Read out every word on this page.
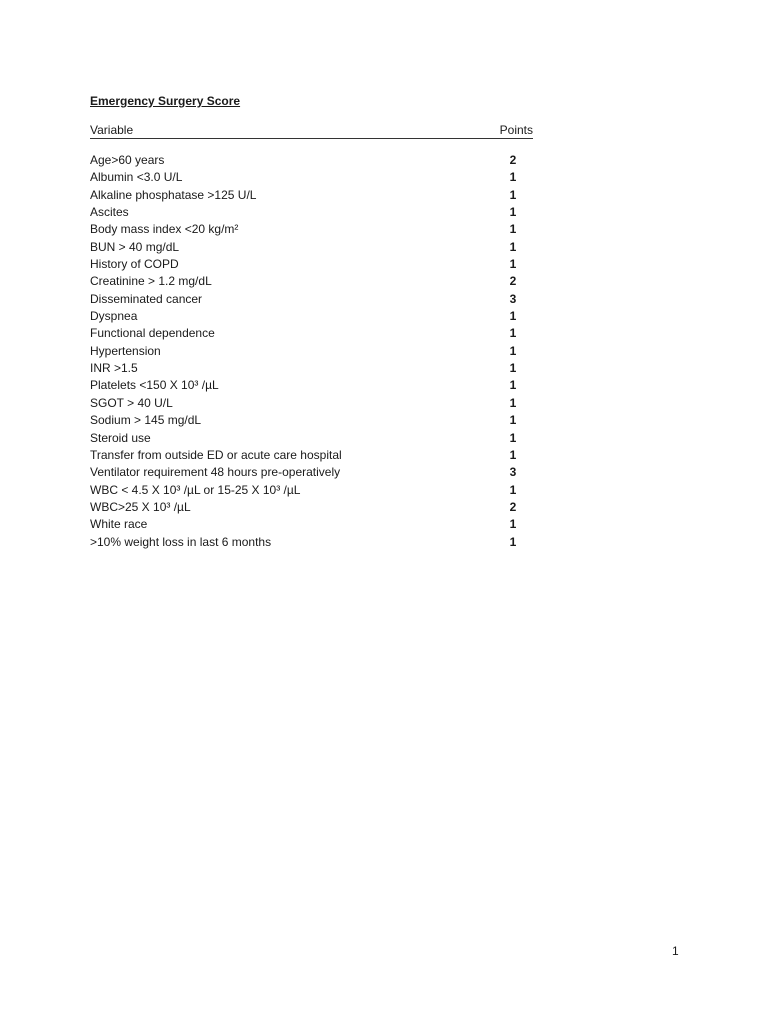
Emergency Surgery Score
Variable	Points
Age>60 years	2
Albumin <3.0 U/L	1
Alkaline phosphatase >125 U/L	1
Ascites	1
Body mass index <20 kg/m²	1
BUN > 40 mg/dL	1
History of COPD	1
Creatinine > 1.2 mg/dL	2
Disseminated cancer	3
Dyspnea	1
Functional dependence	1
Hypertension	1
INR >1.5	1
Platelets <150 X 10³ /µL	1
SGOT > 40 U/L	1
Sodium > 145 mg/dL	1
Steroid use	1
Transfer from outside ED or acute care hospital	1
Ventilator requirement 48 hours pre-operatively	3
WBC < 4.5 X 10³ /µL or 15-25 X 10³ /µL	1
WBC>25 X 10³ /µL	2
White race	1
>10% weight loss in last 6 months	1
1
